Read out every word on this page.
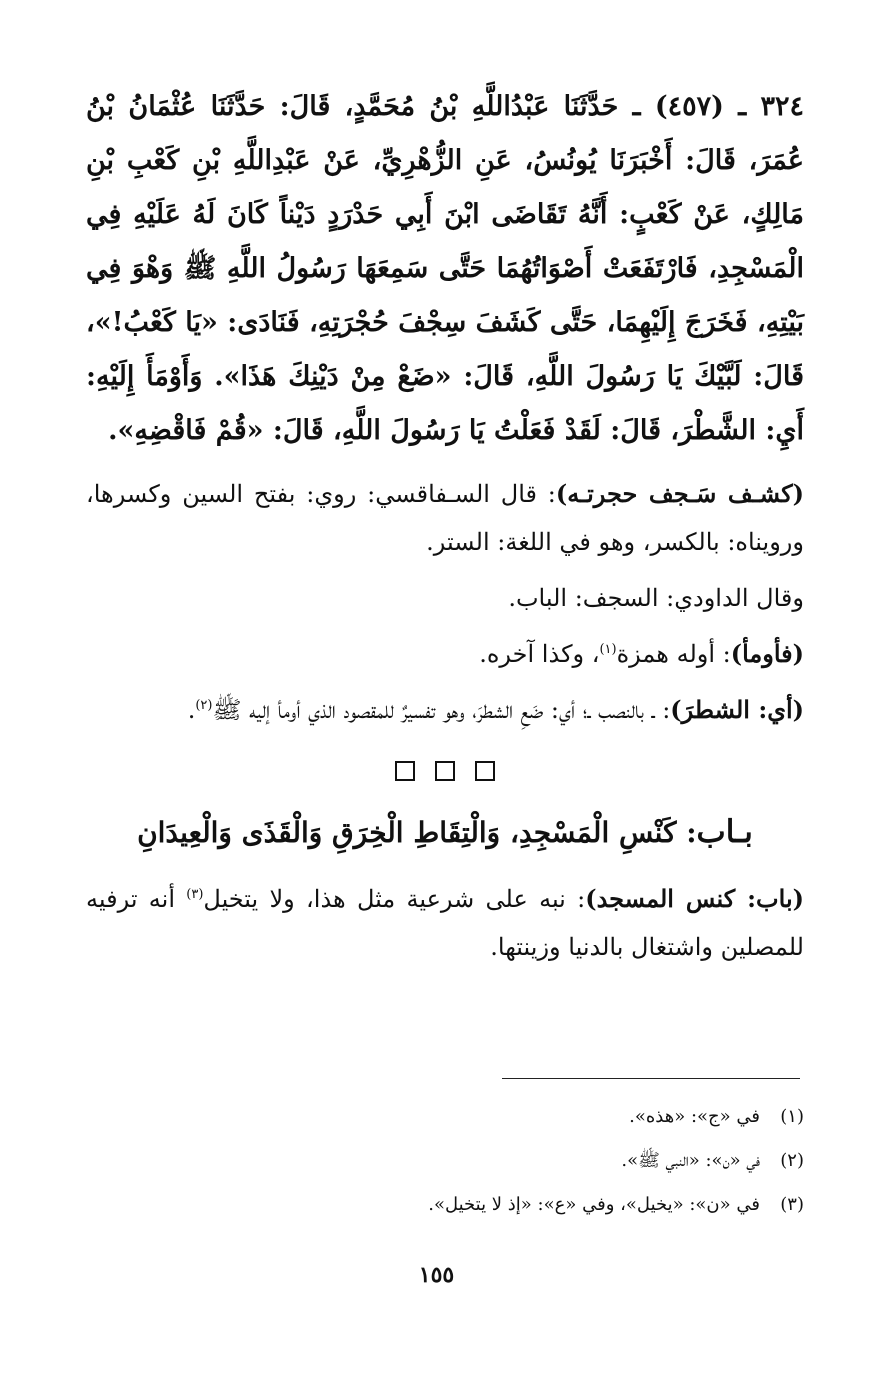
٣٢٤ ـ (٤٥٧) ـ حَدَّثَنَا عَبْدُاللَّهِ بْنُ مُحَمَّدٍ، قَالَ: حَدَّثَنَا عُثْمَانُ بْنُ عُمَرَ، قَالَ: أَخْبَرَنَا يُونُسُ، عَنِ الزُّهْرِيِّ، عَنْ عَبْدِاللَّهِ بْنِ كَعْبِ بْنِ مَالِكٍ، عَنْ كَعْبٍ: أَنَّهُ تَقَاضَى ابْنَ أَبِي حَدْرَدٍ دَيْناً كَانَ لَهُ عَلَيْهِ فِي الْمَسْجِدِ، فَارْتَفَعَتْ أَصْوَاتُهُمَا حَتَّى سَمِعَهَا رَسُولُ اللَّهِ ﷺ وَهْوَ فِي بَيْتِهِ، فَخَرَجَ إِلَيْهِمَا، حَتَّى كَشَفَ سِجْفَ حُجْرَتِهِ، فَنَادَى: «يَا كَعْبُ!»، قَالَ: لَبَّيْكَ يَا رَسُولَ اللَّهِ، قَالَ: «ضَعْ مِنْ دَيْنِكَ هَذَا». وَأَوْمَأَ إِلَيْهِ: أَيِ: الشَّطْرَ، قَالَ: لَقَدْ فَعَلْتُ يَا رَسُولَ اللَّهِ، قَالَ: «قُمْ فَاقْضِهِ».

(كشـف سَـجف حجرتـه): قال السـفاقسي: روي: بفتح السين وكسرها، ورويناه: بالكسر، وهو في اللغة: الستر.

وقال الداودي: السجف: الباب.

(فأومأ): أوله همزة$^{(١)}$، وكذا آخره.

(أي: الشطرَ): ـ بالنصب ـ؛ أي: ضَعِ الشطرَ، وهو تفسيرٌ للمقصود الذي أومأ إليه ﷺ$^{(٢)}$.

بـاب: كَنْسِ الْمَسْجِدِ، وَالْتِقَاطِ الْخِرَقِ وَالْقَذَى وَالْعِيدَانِ

(باب: كنس المسجد): نبه على شرعية مثل هذا، ولا يتخيل$^{(٣)}$ أنه ترفيه للمصلين واشتغال بالدنيا وزينتها.

(١)
في «ج»: «هذه».
(٢)
في «ن»: «النبي ﷺ».
(٣)
في «ن»: «يخيل»، وفي «ع»: «إذ لا يتخيل».
١٥٥
